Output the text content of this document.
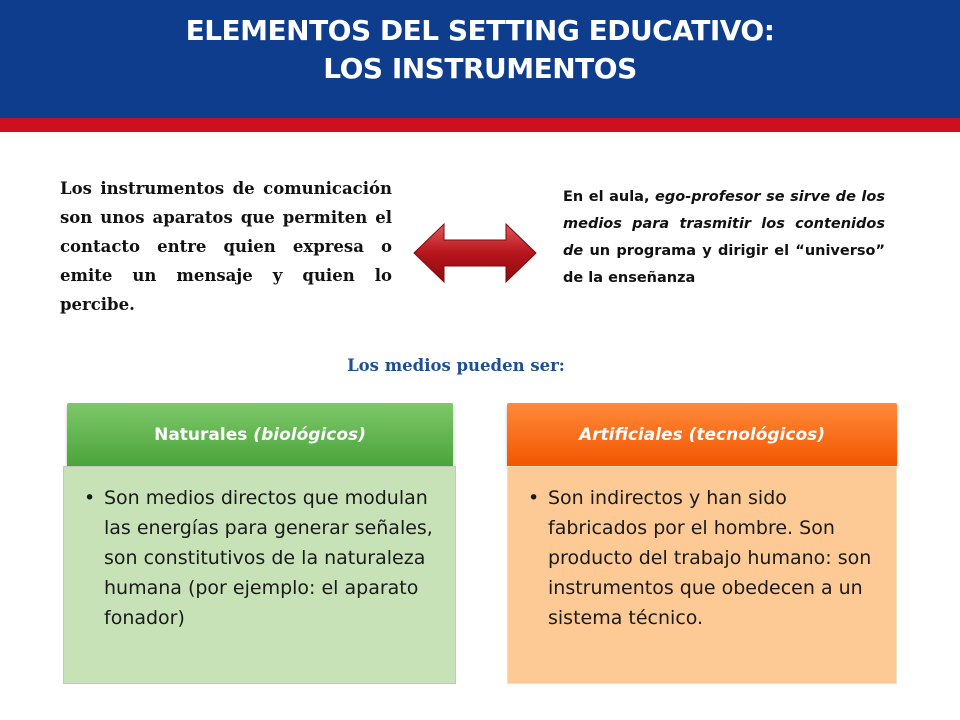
ELEMENTOS DEL SETTING EDUCATIVO:
LOS INSTRUMENTOS
Los instrumentos de comunicación son unos aparatos que permiten el contacto entre quien expresa o emite un mensaje y quien lo percibe.
En el aula, ego-profesor se sirve de los medios para trasmitir los contenidos de un programa y dirigir el “universo” de la enseñanza
Los medios pueden ser:
Naturales (biológicos)
• Son medios directos que modulan las energías para generar señales, son constitutivos de la naturaleza humana (por ejemplo: el aparato fonador)
Artificiales (tecnológicos)
• Son indirectos y han sido fabricados por el hombre. Son producto del trabajo humano: son instrumentos que obedecen a un sistema técnico.
